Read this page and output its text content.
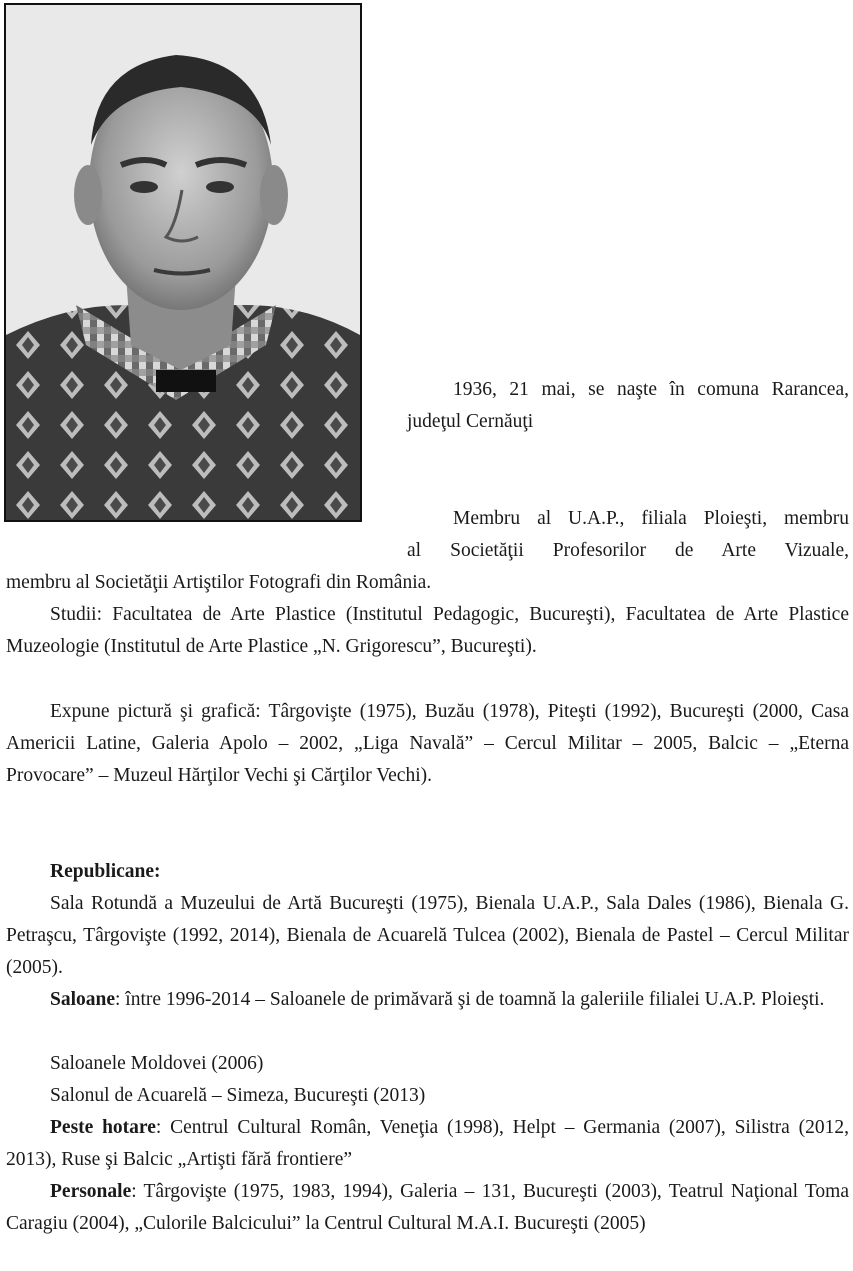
1936, 21 mai, se naşte în comuna Rarancea,
judeţul Cernăuţi
Membru al U.A.P., filiala Ploieşti, membru
al Societăţii Profesorilor de Arte Vizuale,

membru al Societăţii Artiştilor Fotografi din România.

Studii: Facultatea de Arte Plastice (Institutul Pedagogic, Bucureşti), Facultatea de Arte Plastice Muzeologie (Institutul de Arte Plastice „N. Grigorescu”, Bucureşti).

Expune pictură şi grafică: Târgovişte (1975), Buzău (1978), Piteşti (1992), Bucureşti (2000, Casa Americii Latine, Galeria Apolo – 2002, „Liga Navală” – Cercul Militar – 2005, Balcic – „Eterna Provocare” – Muzeul Hărţilor Vechi şi Cărţilor Vechi).

Republicane:

Sala Rotundă a Muzeului de Artă Bucureşti (1975), Bienala U.A.P., Sala Dales (1986), Bienala G. Petraşcu, Târgovişte (1992, 2014), Bienala de Acuarelă Tulcea (2002), Bienala de Pastel – Cercul Militar (2005).

Saloane: între 1996-2014 – Saloanele de primăvară şi de toamnă la galeriile filialei U.A.P. Ploieşti.

Saloanele Moldovei (2006)

Salonul de Acuarelă – Simeza, Bucureşti (2013)

Peste hotare: Centrul Cultural Român, Veneţia (1998), Helpt – Germania (2007), Silistra (2012, 2013), Ruse şi Balcic „Artişti fără frontiere”

Personale: Târgovişte (1975, 1983, 1994), Galeria – 131, Bucureşti (2003), Teatrul Naţional Toma Caragiu (2004), „Culorile Balcicului” la Centrul Cultural M.A.I. Bucureşti (2005)
